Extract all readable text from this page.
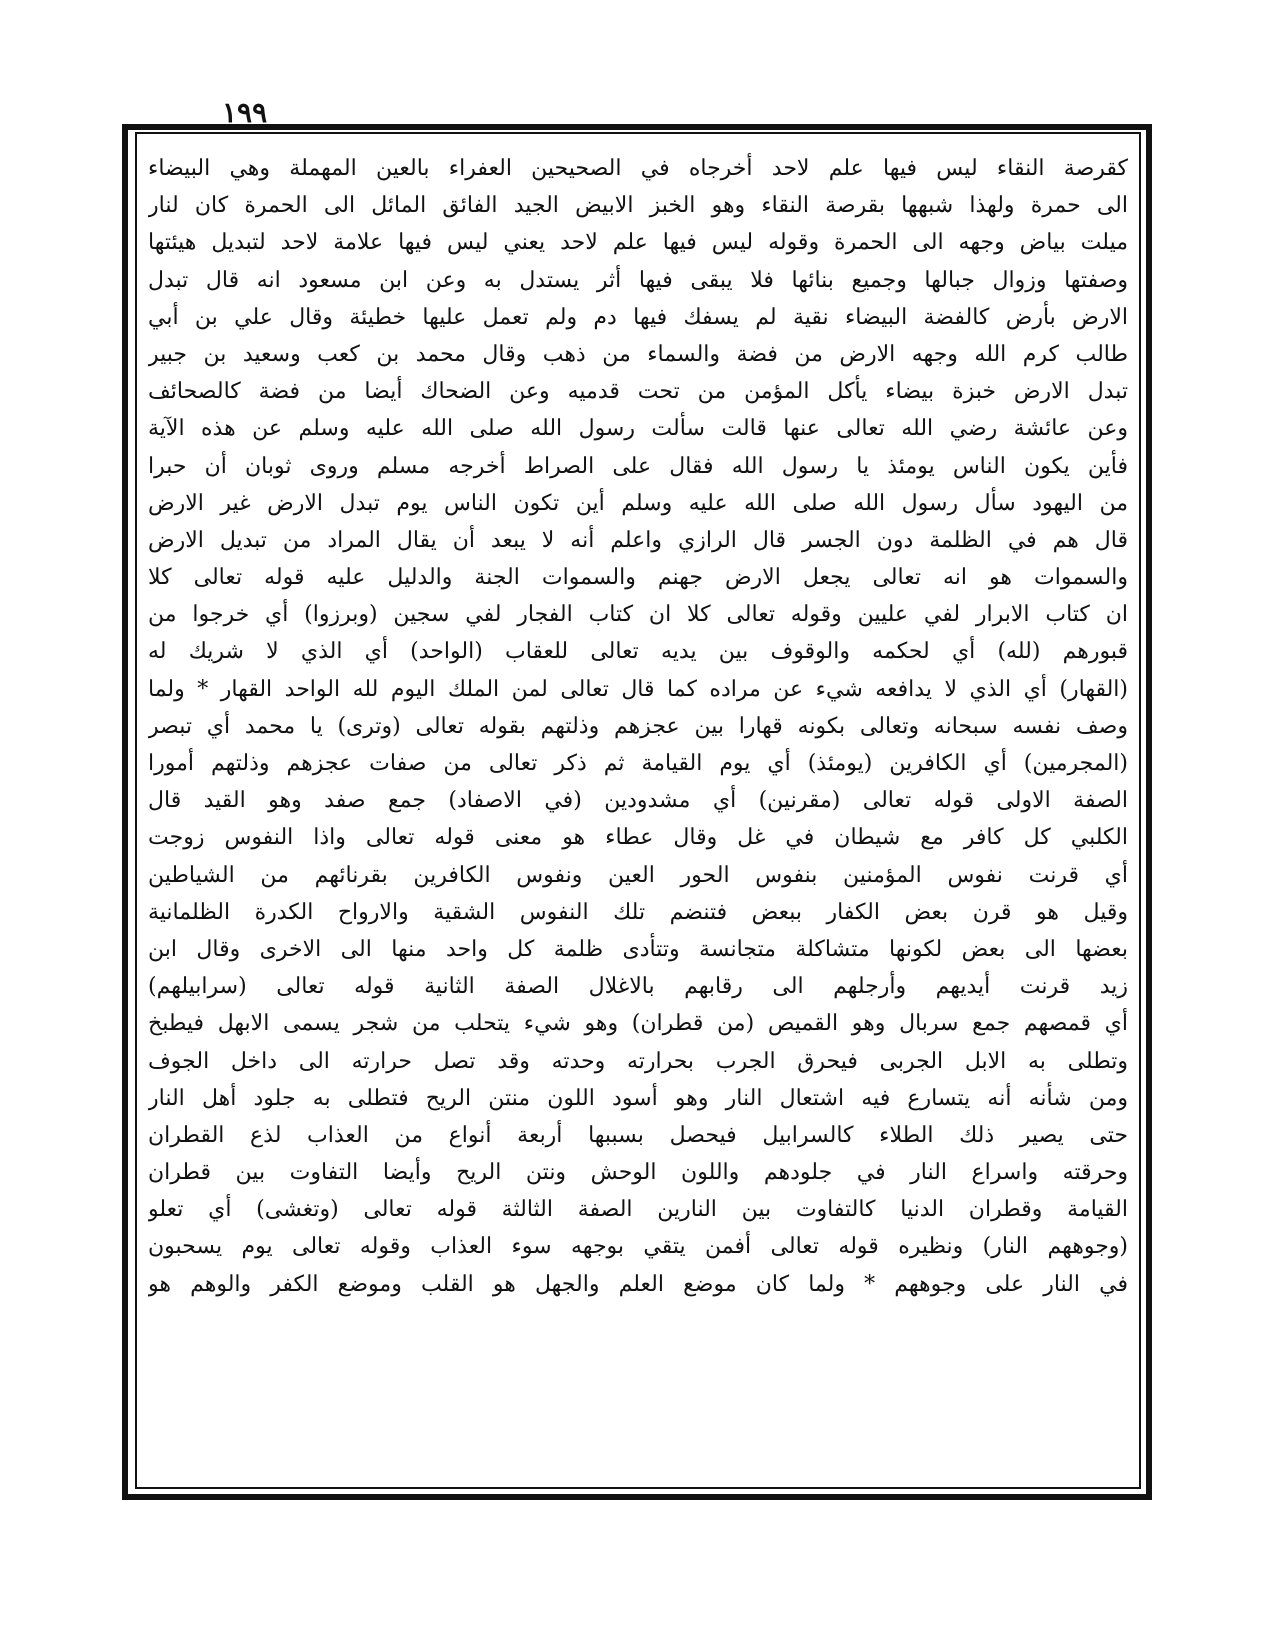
١٩٩
كقرصة النقاء ليس فيها علم لاحد أخرجاه في الصحيحين العفراء بالعين المهملة وهي البيضاء
الى حمرة ولهذا شبهها بقرصة النقاء وهو الخبز الابيض الجيد الفائق المائل الى الحمرة كان لنار
ميلت بياض وجهه الى الحمرة وقوله ليس فيها علم لاحد يعني ليس فيها علامة لاحد لتبديل هيئتها
وصفتها وزوال جبالها وجميع بنائها فلا يبقى فيها أثر يستدل به وعن ابن مسعود انه قال تبدل
الارض بأرض كالفضة البيضاء نقية لم يسفك فيها دم ولم تعمل عليها خطيئة وقال علي بن أبي
طالب كرم الله وجهه الارض من فضة والسماء من ذهب وقال محمد بن كعب وسعيد بن جبير
تبدل الارض خبزة بيضاء يأكل المؤمن من تحت قدميه وعن الضحاك أيضا من فضة كالصحائف
وعن عائشة رضي الله تعالى عنها قالت سألت رسول الله صلى الله عليه وسلم عن هذه الآية
فأين يكون الناس يومئذ يا رسول الله فقال على الصراط أخرجه مسلم وروى ثوبان أن حبرا
من اليهود سأل رسول الله صلى الله عليه وسلم أين تكون الناس يوم تبدل الارض غير الارض
قال هم في الظلمة دون الجسر قال الرازي واعلم أنه لا يبعد أن يقال المراد من تبديل الارض
والسموات هو انه تعالى يجعل الارض جهنم والسموات الجنة والدليل عليه قوله تعالى كلا
ان كتاب الابرار لفي عليين وقوله تعالى كلا ان كتاب الفجار لفي سجين (وبرزوا) أي خرجوا من
قبورهم (لله) أي لحكمه والوقوف بين يديه تعالى للعقاب (الواحد) أي الذي لا شريك له
(القهار) أي الذي لا يدافعه شيء عن مراده كما قال تعالى لمن الملك اليوم لله الواحد القهار * ولما
وصف نفسه سبحانه وتعالى بكونه قهارا بين عجزهم وذلتهم بقوله تعالى (وترى) يا محمد أي تبصر
(المجرمين) أي الكافرين (يومئذ) أي يوم القيامة ثم ذكر تعالى من صفات عجزهم وذلتهم أمورا
الصفة الاولى قوله تعالى (مقرنين) أي مشدودين (في الاصفاد) جمع صفد وهو القيد قال
الكلبي كل كافر مع شيطان في غل وقال عطاء هو معنى قوله تعالى واذا النفوس زوجت
أي قرنت نفوس المؤمنين بنفوس الحور العين ونفوس الكافرين بقرنائهم من الشياطين
وقيل هو قرن بعض الكفار ببعض فتنضم تلك النفوس الشقية والارواح الكدرة الظلمانية
بعضها الى بعض لكونها متشاكلة متجانسة وتتأدى ظلمة كل واحد منها الى الاخرى وقال ابن
زيد قرنت أيديهم وأرجلهم الى رقابهم بالاغلال الصفة الثانية قوله تعالى (سرابيلهم)
أي قمصهم جمع سربال وهو القميص (من قطران) وهو شيء يتحلب من شجر يسمى الابهل فيطبخ
وتطلى به الابل الجربى فيحرق الجرب بحرارته وحدته وقد تصل حرارته الى داخل الجوف
ومن شأنه أنه يتسارع فيه اشتعال النار وهو أسود اللون منتن الريح فتطلى به جلود أهل النار
حتى يصير ذلك الطلاء كالسرابيل فيحصل بسببها أربعة أنواع من العذاب لذع القطران
وحرقته واسراع النار في جلودهم واللون الوحش ونتن الريح وأيضا التفاوت بين قطران
القيامة وقطران الدنيا كالتفاوت بين النارين الصفة الثالثة قوله تعالى (وتغشى) أي تعلو
(وجوههم النار) ونظيره قوله تعالى أفمن يتقي بوجهه سوء العذاب وقوله تعالى يوم يسحبون
في النار على وجوههم * ولما كان موضع العلم والجهل هو القلب وموضع الكفر والوهم هو
